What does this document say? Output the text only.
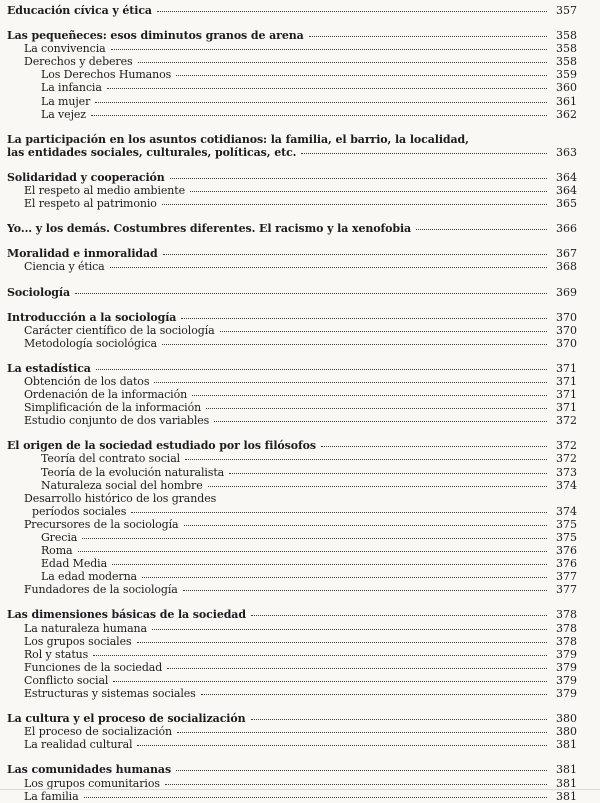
Educación cívica y ética	357
Las pequeñeces: esos diminutos granos de arena	358
La convivencia	358
Derechos y deberes	358
Los Derechos Humanos	359
La infancia	360
La mujer	361
La vejez	362
La participación en los asuntos cotidianos: la familia, el barrio, la localidad,
las entidades sociales, culturales, políticas, etc.	363
Solidaridad y cooperación	364
El respeto al medio ambiente	364
El respeto al patrimonio	365
Yo... y los demás. Costumbres diferentes. El racismo y la xenofobia	366
Moralidad e inmoralidad	367
Ciencia y ética	368
Sociología	369
Introducción a la sociología	370
Carácter científico de la sociología	370
Metodología sociológica	370
La estadística	371
Obtención de los datos	371
Ordenación de la información	371
Simplificación de la información	371
Estudio conjunto de dos variables	372
El origen de la sociedad estudiado por los filósofos	372
Teoría del contrato social	372
Teoría de la evolución naturalista	373
Naturaleza social del hombre	374
Desarrollo histórico de los grandes
períodos sociales	374
Precursores de la sociología	375
Grecia	375
Roma	376
Edad Media	376
La edad moderna	377
Fundadores de la sociología	377
Las dimensiones básicas de la sociedad	378
La naturaleza humana	378
Los grupos sociales	378
Rol y status	379
Funciones de la sociedad	379
Conflicto social	379
Estructuras y sistemas sociales	379
La cultura y el proceso de socialización	380
El proceso de socialización	380
La realidad cultural	381
Las comunidades humanas	381
Los grupos comunitarios	381
La familia	381
